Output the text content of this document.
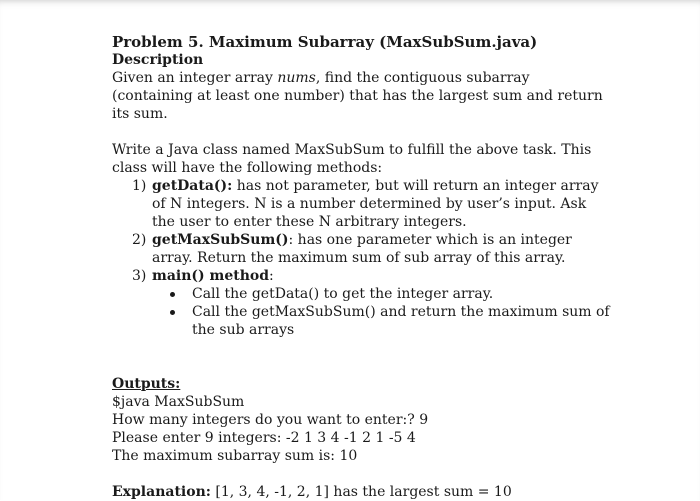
Problem 5. Maximum Subarray (MaxSubSum.java)
Description

Given an integer array nums, find the contiguous subarray (containing at least one number) that has the largest sum and return its sum.

Write a Java class named MaxSubSum to fulfill the above task. This class will have the following methods:

1) getData(): has not parameter, but will return an integer array of N integers. N is a number determined by user’s input. Ask the user to enter these N arbitrary integers.
2) getMaxSubSum(): has one parameter which is an integer array. Return the maximum sum of sub array of this array.
3) main() method:
Call the getData() to get the integer array.
Call the getMaxSubSum() and return the maximum sum of the sub arrays
Outputs:
$java MaxSubSum
How many integers do you want to enter:? 9
Please enter 9 integers: -2 1 3 4 -1 2 1 -5 4
The maximum subarray sum is: 10

Explanation: [1, 3, 4, -1, 2, 1] has the largest sum = 10
